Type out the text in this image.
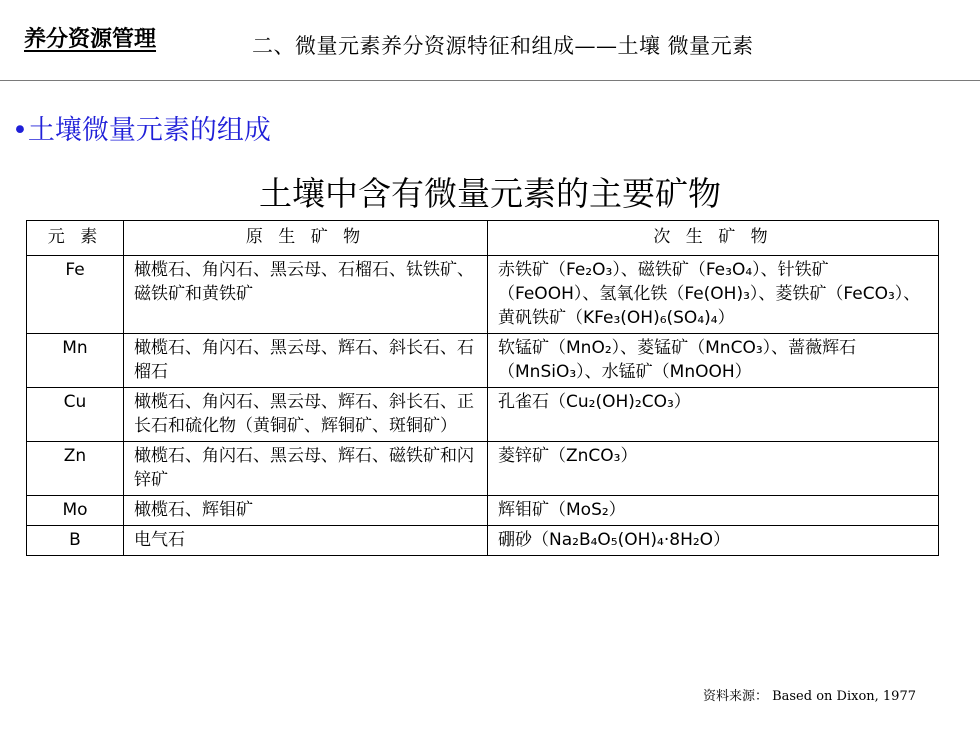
养分资源管理	二、微量元素养分资源特征和组成——土壤 微量元素
•土壤微量元素的组成
土壤中含有微量元素的主要矿物
元 素	原 生 矿 物	次 生 矿 物
Fe	橄榄石、角闪石、黑云母、石榴石、钛铁矿、磁铁矿和黄铁矿	赤铁矿（Fe₂O₃）、磁铁矿（Fe₃O₄）、针铁矿（FeOOH）、氢氧化铁（Fe(OH)₃）、菱铁矿（FeCO₃）、黄矾铁矿（KFe₃(OH)₆(SO₄)₄）
Mn	橄榄石、角闪石、黑云母、辉石、斜长石、石榴石	软锰矿（MnO₂）、菱锰矿（MnCO₃）、蔷薇辉石（MnSiO₃）、水锰矿（MnOOH）
Cu	橄榄石、角闪石、黑云母、辉石、斜长石、正长石和硫化物（黄铜矿、辉铜矿、斑铜矿）	孔雀石（Cu₂(OH)₂CO₃）
Zn	橄榄石、角闪石、黑云母、辉石、磁铁矿和闪锌矿	菱锌矿（ZnCO₃）
Mo	橄榄石、辉钼矿	辉钼矿（MoS₂）
B	电气石	硼砂（Na₂B₄O₅(OH)₄·8H₂O）
资料来源： Based on Dixon, 1977
